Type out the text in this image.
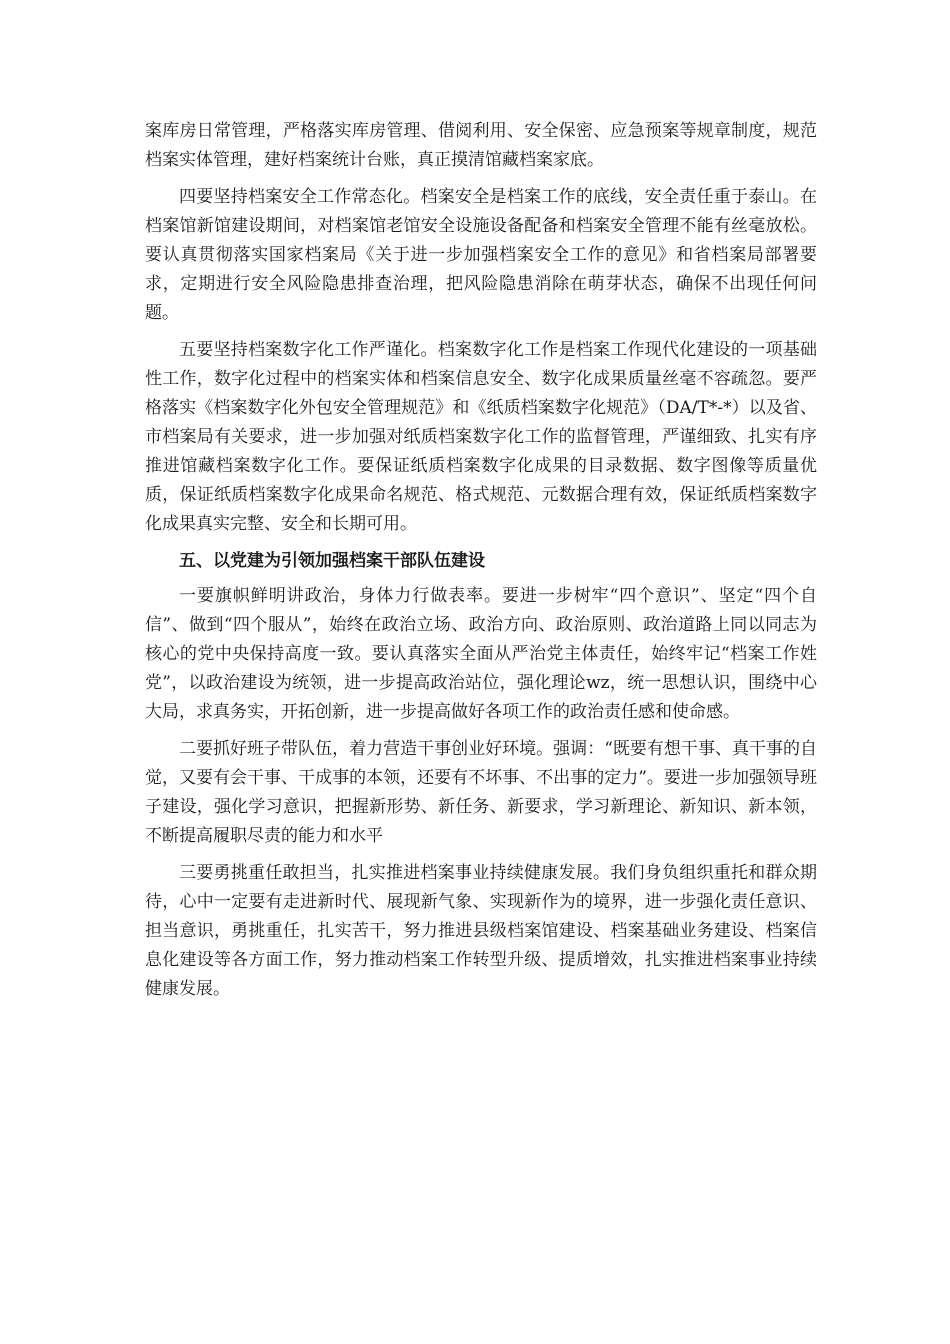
案库房日常管理，严格落实库房管理、借阅利用、安全保密、应急预案等规章制度，规范档案实体管理，建好档案统计台账，真正摸清馆藏档案家底。

四要坚持档案安全工作常态化。档案安全是档案工作的底线，安全责任重于泰山。在档案馆新馆建设期间，对档案馆老馆安全设施设备配备和档案安全管理不能有丝毫放松。要认真贯彻落实国家档案局《关于进一步加强档案安全工作的意见》和省档案局部署要求，定期进行安全风险隐患排查治理，把风险隐患消除在萌芽状态，确保不出现任何问题。

五要坚持档案数字化工作严谨化。档案数字化工作是档案工作现代化建设的一项基础性工作，数字化过程中的档案实体和档案信息安全、数字化成果质量丝毫不容疏忽。要严格落实《档案数字化外包安全管理规范》和《纸质档案数字化规范》（DA/T*-*）以及省、市档案局有关要求，进一步加强对纸质档案数字化工作的监督管理，严谨细致、扎实有序推进馆藏档案数字化工作。要保证纸质档案数字化成果的目录数据、数字图像等质量优质，保证纸质档案数字化成果命名规范、格式规范、元数据合理有效，保证纸质档案数字化成果真实完整、安全和长期可用。

五、以党建为引领加强档案干部队伍建设

一要旗帜鲜明讲政治，身体力行做表率。要进一步树牢“四个意识”、坚定“四个自信”、做到“四个服从”，始终在政治立场、政治方向、政治原则、政治道路上同以同志为核心的党中央保持高度一致。要认真落实全面从严治党主体责任，始终牢记“档案工作姓党”，以政治建设为统领，进一步提高政治站位，强化理论wz，统一思想认识，围绕中心大局，求真务实，开拓创新，进一步提高做好各项工作的政治责任感和使命感。

二要抓好班子带队伍，着力营造干事创业好环境。强调：“既要有想干事、真干事的自觉，又要有会干事、干成事的本领，还要有不坏事、不出事的定力”。要进一步加强领导班子建设，强化学习意识，把握新形势、新任务、新要求，学习新理论、新知识、新本领，不断提高履职尽责的能力和水平

三要勇挑重任敢担当，扎实推进档案事业持续健康发展。我们身负组织重托和群众期待，心中一定要有走进新时代、展现新气象、实现新作为的境界，进一步强化责任意识、担当意识，勇挑重任，扎实苦干，努力推进县级档案馆建设、档案基础业务建设、档案信息化建设等各方面工作，努力推动档案工作转型升级、提质增效，扎实推进档案事业持续健康发展。
